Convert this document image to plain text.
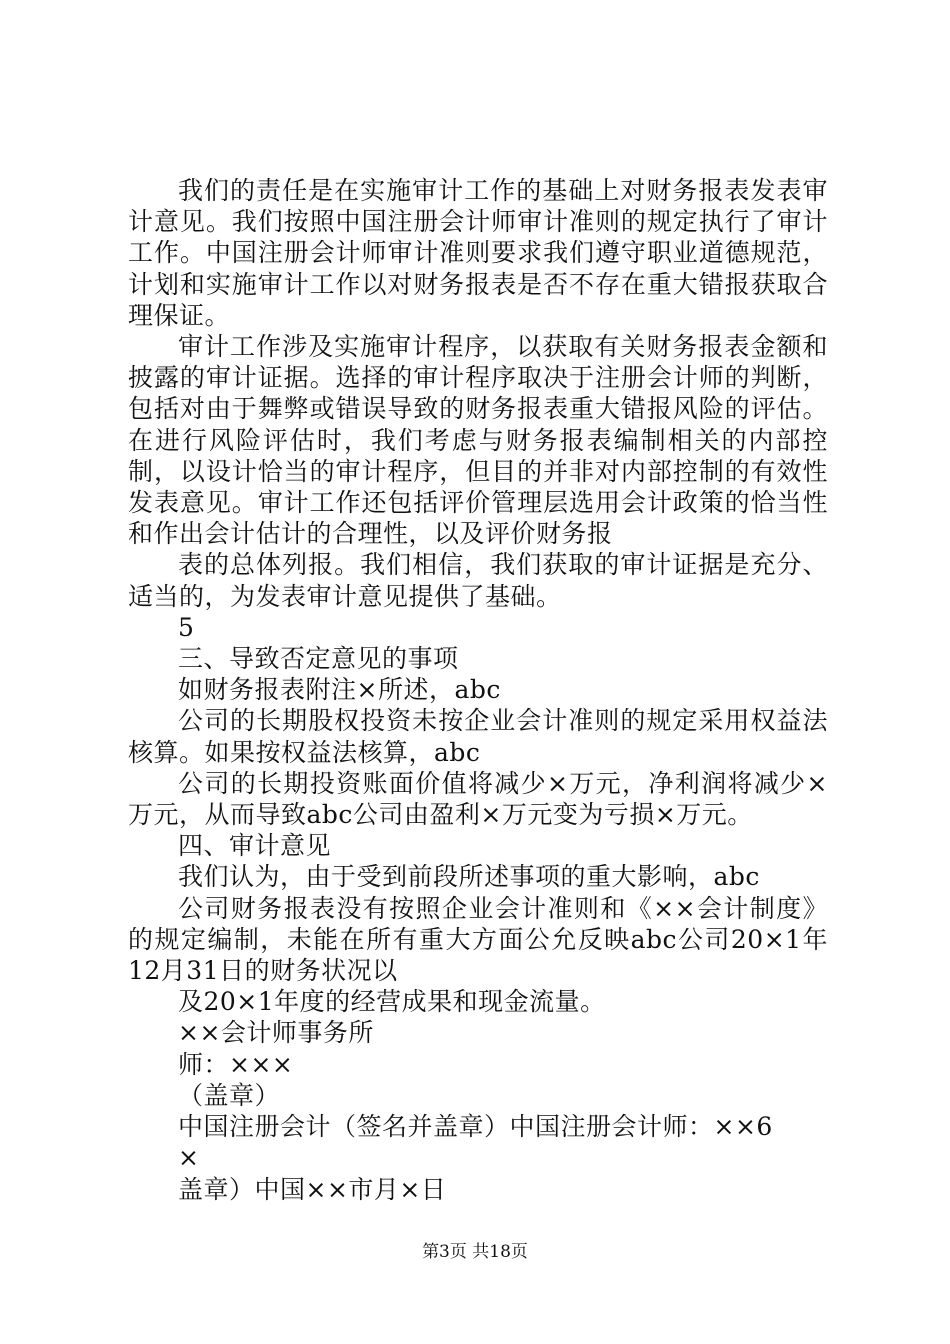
我们的责任是在实施审计工作的基础上对财务报表发表审计意见。我们按照中国注册会计师审计准则的规定执行了审计工作。中国注册会计师审计准则要求我们遵守职业道德规范，计划和实施审计工作以对财务报表是否不存在重大错报获取合理保证。

审计工作涉及实施审计程序，以获取有关财务报表金额和披露的审计证据。选择的审计程序取决于注册会计师的判断，包括对由于舞弊或错误导致的财务报表重大错报风险的评估。在进行风险评估时，我们考虑与财务报表编制相关的内部控制，以设计恰当的审计程序，但目的并非对内部控制的有效性发表意见。审计工作还包括评价管理层选用会计政策的恰当性和作出会计估计的合理性，以及评价财务报

表的总体列报。我们相信，我们获取的审计证据是充分、适当的，为发表审计意见提供了基础。

5

三、导致否定意见的事项

如财务报表附注×所述，abc

公司的长期股权投资未按企业会计准则的规定采用权益法核算。如果按权益法核算，abc

公司的长期投资账面价值将减少×万元，净利润将减少×万元，从而导致abc公司由盈利×万元变为亏损×万元。

四、审计意见

我们认为，由于受到前段所述事项的重大影响，abc

公司财务报表没有按照企业会计准则和《××会计制度》的规定编制，未能在所有重大方面公允反映abc公司20×1年12月31日的财务状况以

及20×1年度的经营成果和现金流量。

××会计师事务所

师：×××

（盖章）

中国注册会计（签名并盖章）中国注册会计师：××6

×

盖章）中国××市月×日

第3页 共18页
